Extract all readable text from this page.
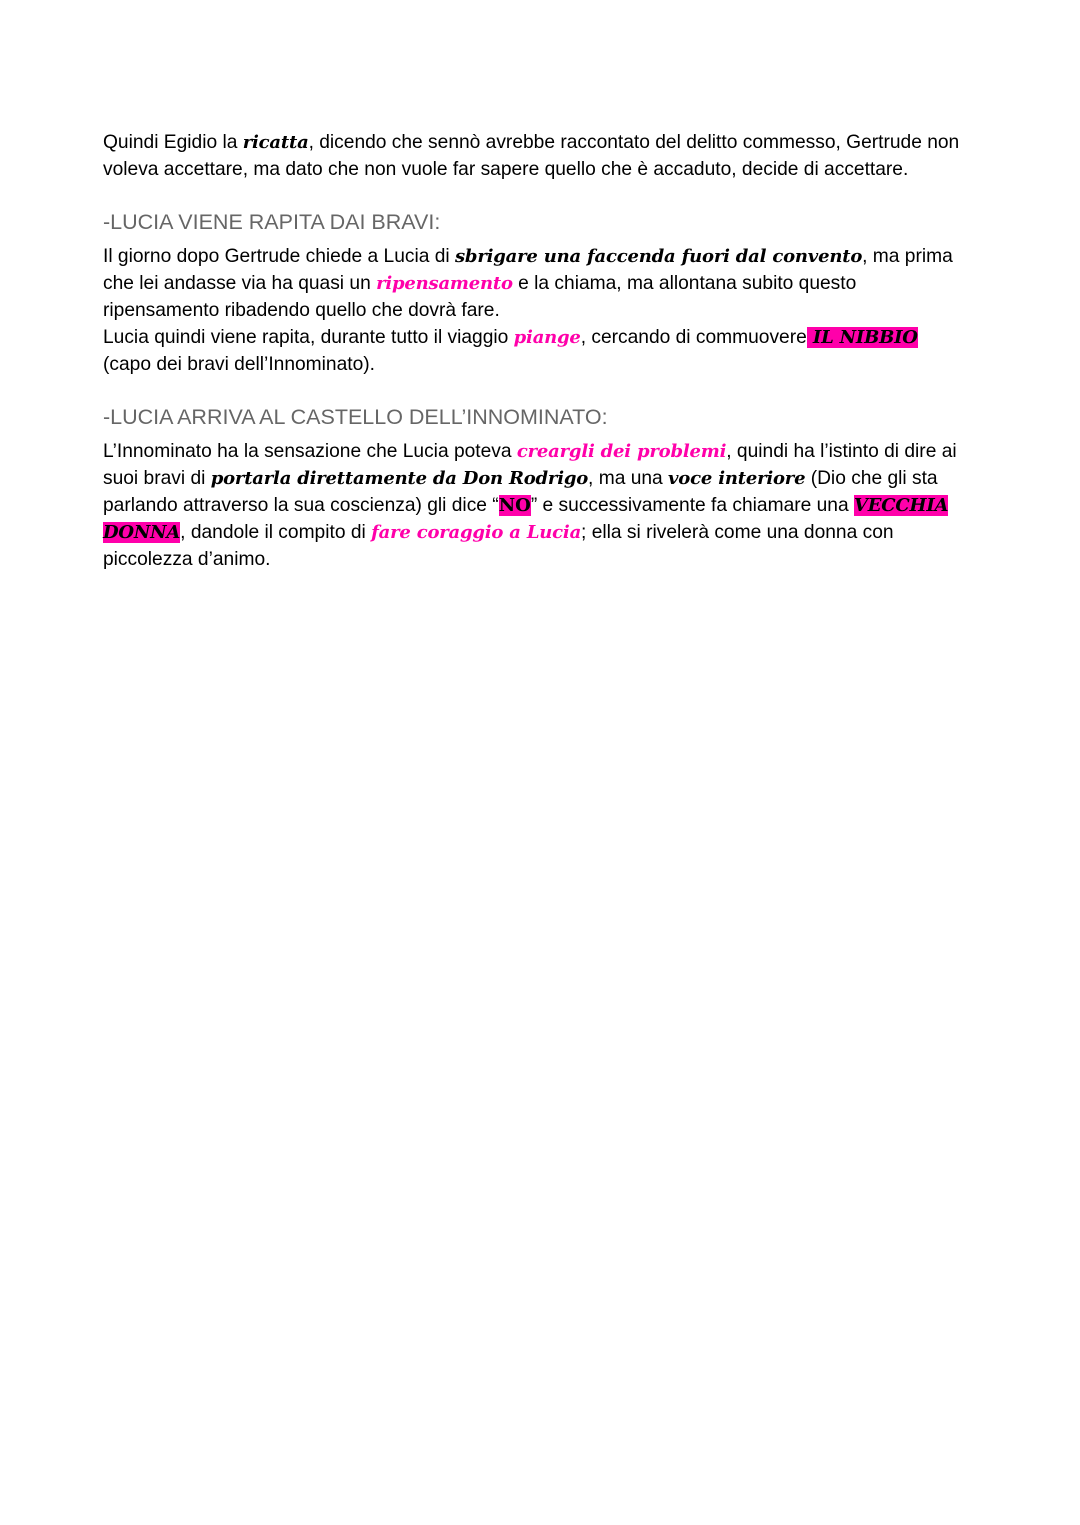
Quindi Egidio la ricatta, dicendo che sennò avrebbe raccontato del delitto commesso, Gertrude non voleva accettare, ma dato che non vuole far sapere quello che è accaduto, decide di accettare.

-LUCIA VIENE RAPITA DAI BRAVI:

Il giorno dopo Gertrude chiede a Lucia di sbrigare una faccenda fuori dal convento, ma prima che lei andasse via ha quasi un ripensamento e la chiama, ma allontana subito questo ripensamento ribadendo quello che dovrà fare.

Lucia quindi viene rapita, durante tutto il viaggio piange, cercando di commuovere IL NIBBIO
(capo dei bravi dell’Innominato).

-LUCIA ARRIVA AL CASTELLO DELL’INNOMINATO:

L’Innominato ha la sensazione che Lucia poteva creargli dei problemi, quindi ha l’istinto di dire ai suoi bravi di portarla direttamente da Don Rodrigo, ma una voce interiore (Dio che gli sta parlando attraverso la sua coscienza) gli dice “NO” e successivamente fa chiamare una VECCHIA DONNA, dandole il compito di fare coraggio a Lucia; ella si rivelerà come una donna con piccolezza d’animo.
